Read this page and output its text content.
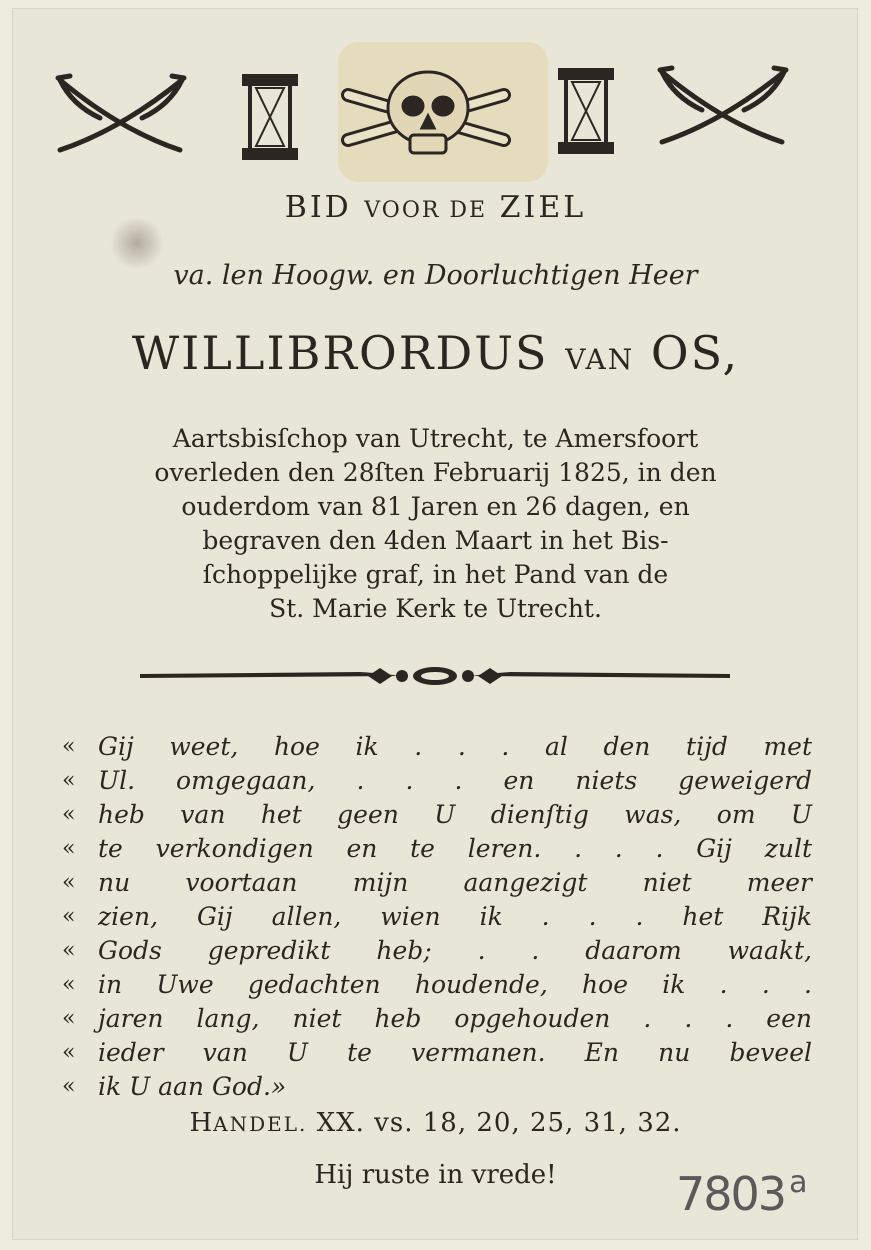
BID VOOR DE ZIEL
va. len Hoogw. en Doorluchtigen Heer
WILLIBRORDUS VAN OS,
Aartsbisſchop van Utrecht, te Amersfoort
overleden den 28ſten Februarij 1825, in den
ouderdom van 81 Jaren en 26 dagen, en
begraven den 4den Maart in het Bis-
ſchoppelijke graf, in het Pand van de
St. Marie Kerk te Utrecht.
« Gij weet, hoe ik . . . al den tijd met
« Ul. omgegaan, . . . en niets geweigerd
« heb van het geen U dienſtig was, om U
« te verkondigen en te leren. . . . Gij zult
« nu voortaan mijn aangezigt niet meer
« zien, Gij allen, wien ik . . . het Rijk
« Gods gepredikt heb; . . daarom waakt,
« in Uwe gedachten houdende, hoe ik . . .
« jaren lang, niet heb opgehouden . . . een
« ieder van U te vermanen. En nu beveel
« ik U aan God.»
HANDEL. XX. vs. 18, 20, 25, 31, 32.
Hij ruste in vrede!	7803 $^a$
